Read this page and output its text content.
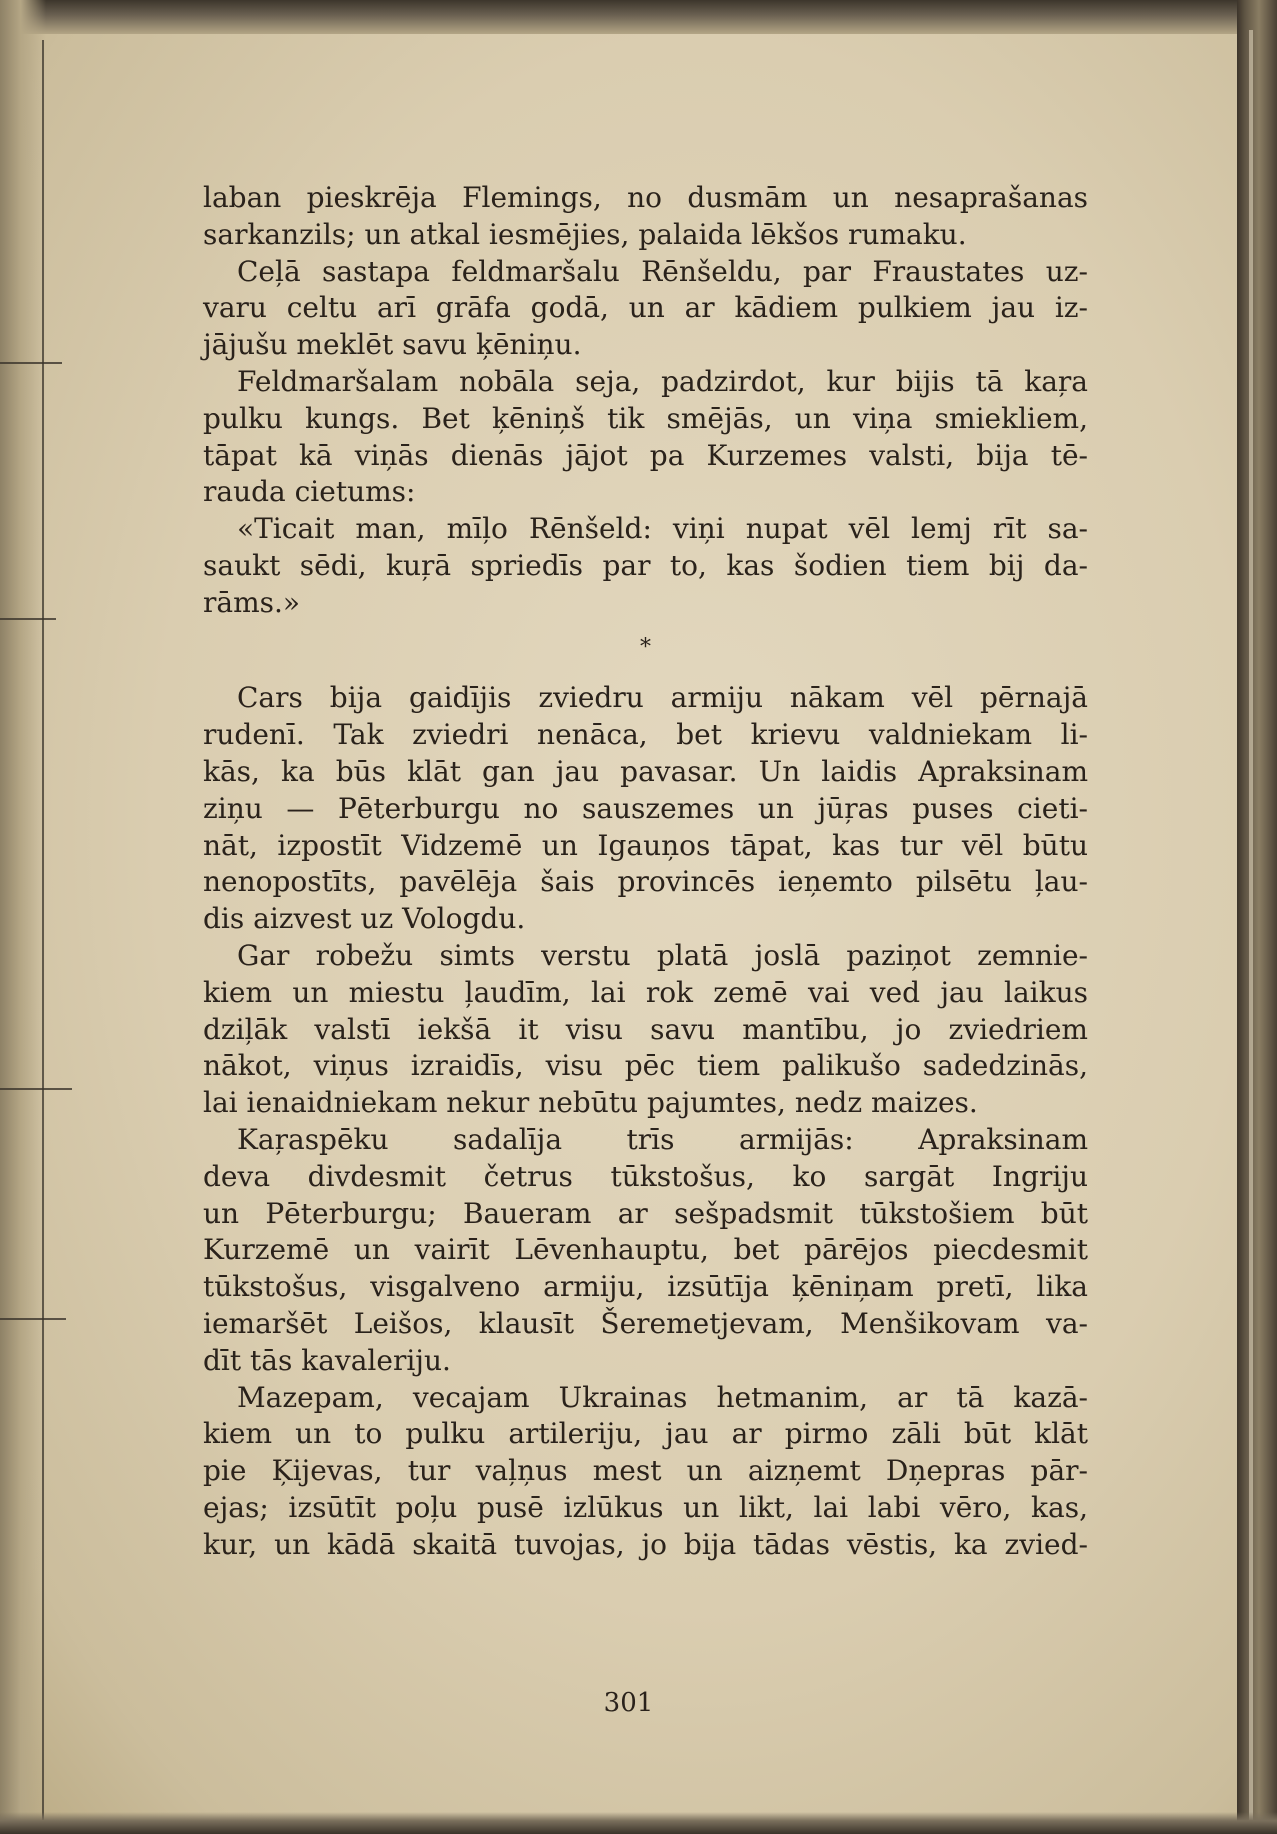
laban pieskrēja Flemings, no dusmām un nesaprašanas

sarkanzils; un atkal iesmējies, palaida lēkšos rumaku.

Ceļā sastapa feldmaršalu Rēnšeldu, par Fraustates uz-

varu celtu arī grāfa godā, un ar kādiem pulkiem jau iz-

jājušu meklēt savu ķēniņu.

Feldmaršalam nobāla seja, padzirdot, kur bijis tā kaŗa

pulku kungs. Bet ķēniņš tik smējās, un viņa smiekliem,

tāpat kā viņās dienās jājot pa Kurzemes valsti, bija tē-

rauda cietums:

«Ticait man, mīļo Rēnšeld: viņi nupat vēl lemj rīt sa-

saukt sēdi, kuŗā spriedīs par to, kas šodien tiem bij da-

rāms.»

*

Cars bija gaidījis zviedru armiju nākam vēl pērnajā

rudenī. Tak zviedri nenāca, bet krievu valdniekam li-

kās, ka būs klāt gan jau pavasar. Un laidis Apraksinam

ziņu — Pēterburgu no sauszemes un jūŗas puses cieti-

nāt, izpostīt Vidzemē un Igauņos tāpat, kas tur vēl būtu

nenopostīts, pavēlēja šais provincēs ieņemto pilsētu ļau-

dis aizvest uz Vologdu.

Gar robežu simts verstu platā joslā paziņot zemnie-

kiem un miestu ļaudīm, lai rok zemē vai ved jau laikus

dziļāk valstī iekšā it visu savu mantību, jo zviedriem

nākot, viņus izraidīs, visu pēc tiem palikušo sadedzinās,

lai ienaidniekam nekur nebūtu pajumtes, nedz maizes.

Kaŗaspēku sadalīja trīs armijās: Apraksinam

deva divdesmit četrus tūkstošus, ko sargāt Ingriju

un Pēterburgu; Baueram ar sešpadsmit tūkstošiem būt

Kurzemē un vairīt Lēvenhauptu, bet pārējos piecdesmit

tūkstošus, visgalveno armiju, izsūtīja ķēniņam pretī, lika

iemaršēt Leišos, klausīt Šeremetjevam, Menšikovam va-

dīt tās kavaleriju.

Mazepam, vecajam Ukrainas hetmanim, ar tā kazā-

kiem un to pulku artileriju, jau ar pirmo zāli būt klāt

pie Ķijevas, tur vaļņus mest un aizņemt Dņepras pār-

ejas; izsūtīt poļu pusē izlūkus un likt, lai labi vēro, kas,

kur, un kādā skaitā tuvojas, jo bija tādas vēstis, ka zvied-

301
